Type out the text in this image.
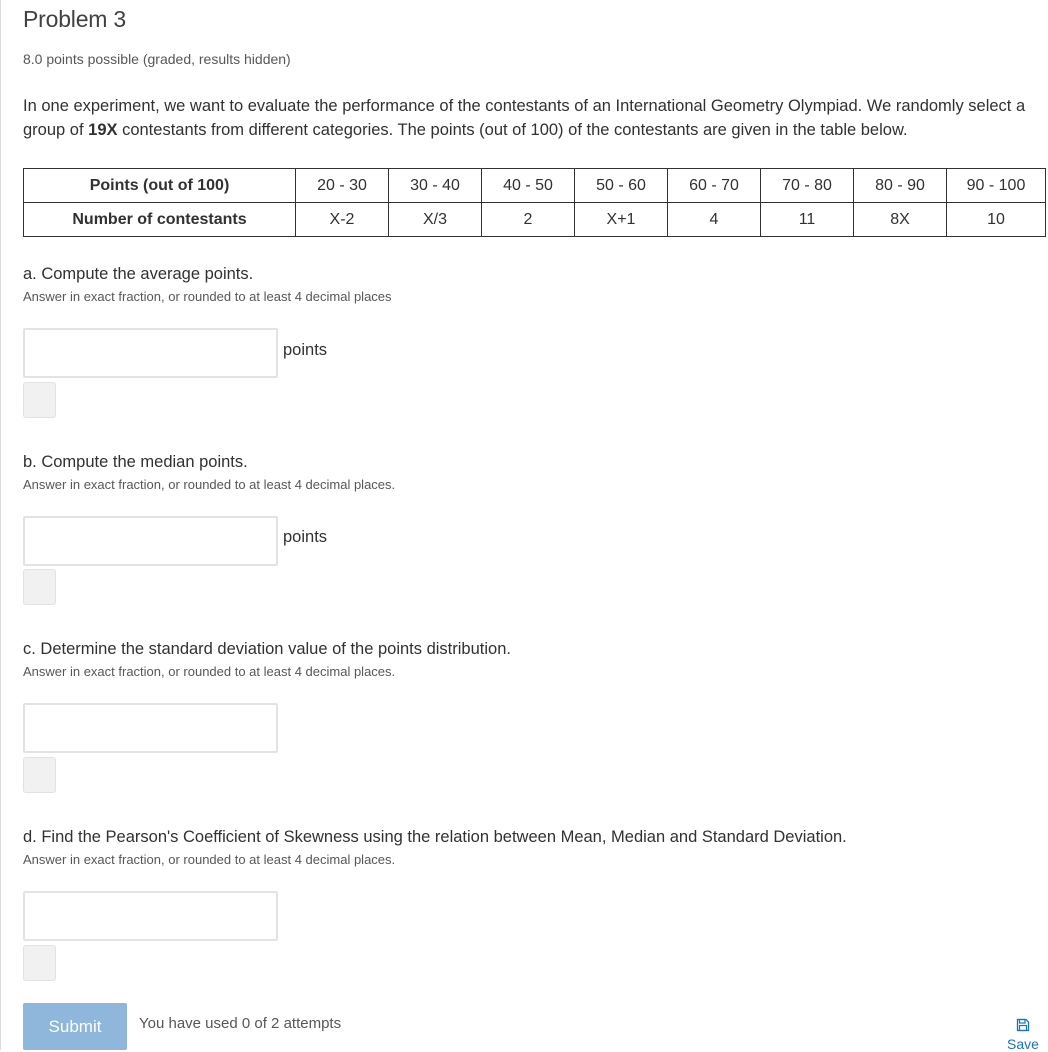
Problem 3
8.0 points possible (graded, results hidden)
In one experiment, we want to evaluate the performance of the contestants of an International Geometry Olympiad. We randomly select a group of 19X contestants from different categories. The points (out of 100) of the contestants are given in the table below.
Points (out of 100)	20 - 30	30 - 40	40 - 50	50 - 60	60 - 70	70 - 80	80 - 90	90 - 100
Number of contestants	X-2	X/3	2	X+1	4	11	8X	10
a. Compute the average points.
Answer in exact fraction, or rounded to at least 4 decimal places
points
b. Compute the median points.
Answer in exact fraction, or rounded to at least 4 decimal places.
points
c. Determine the standard deviation value of the points distribution.
Answer in exact fraction, or rounded to at least 4 decimal places.
d. Find the Pearson's Coefficient of Skewness using the relation between Mean, Median and Standard Deviation.
Answer in exact fraction, or rounded to at least 4 decimal places.
Submit	You have used 0 of 2 attempts
Save
